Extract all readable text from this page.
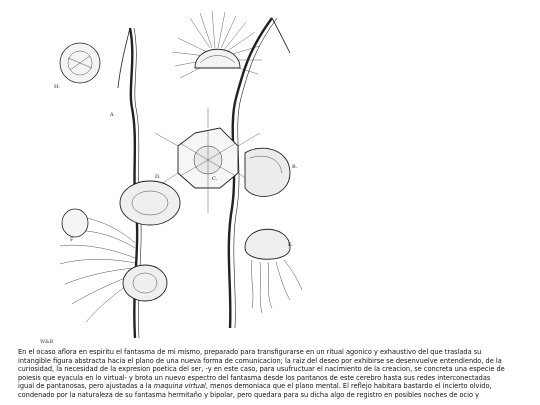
A
B.
C.
D.
E.
F
H.
W&B
En el ocaso aflora en espiritu el fantasma de mi mismo, preparado para transfigurarse en un ritual agonico y exhaustivo del que traslada su
intangible figura abstracta hacia el plano de una nueva forma de comunicacion; la raiz del deseo por exhibirse se desenvuelve entendiendo, de la
curiosidad, la necesidad de la expresion poetica del ser, -y en este caso, para usufructuar el nacimiento de la creacion, se concreta una especie de
poiesis que eyacula en lo virtual- y brota un nuevo espectro del fantasma desde los pantanos de este cerebro hasta sus redes interconectadas
igual de pantanosas, pero ajustadas a la maquina virtual, menos demoniaca que el plano mental. El reflejo habitara bastardo el incierto olvido,
condenado por la naturaleza de su fantasma hermitaño y bipolar, pero quedara para su dicha algo de registro en posibles noches de ocio y
